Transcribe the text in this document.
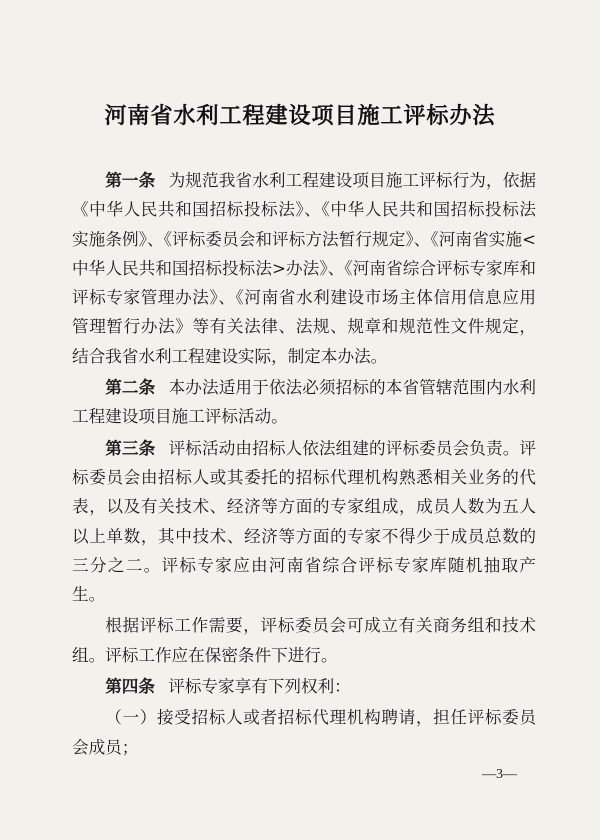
河南省水利工程建设项目施工评标办法

第一条 为规范我省水利工程建设项目施工评标行为，依据《中华人民共和国招标投标法》、《中华人民共和国招标投标法实施条例》、《评标委员会和评标方法暂行规定》、《河南省实施<中华人民共和国招标投标法>办法》、《河南省综合评标专家库和评标专家管理办法》、《河南省水利建设市场主体信用信息应用管理暂行办法》等有关法律、法规、规章和规范性文件规定，结合我省水利工程建设实际，制定本办法。

第二条 本办法适用于依法必须招标的本省管辖范围内水利工程建设项目施工评标活动。

第三条 评标活动由招标人依法组建的评标委员会负责。评标委员会由招标人或其委托的招标代理机构熟悉相关业务的代表，以及有关技术、经济等方面的专家组成，成员人数为五人以上单数，其中技术、经济等方面的专家不得少于成员总数的三分之二。评标专家应由河南省综合评标专家库随机抽取产生。

根据评标工作需要，评标委员会可成立有关商务组和技术组。评标工作应在保密条件下进行。

第四条 评标专家享有下列权利：

（一）接受招标人或者招标代理机构聘请，担任评标委员会成员；

—3—
